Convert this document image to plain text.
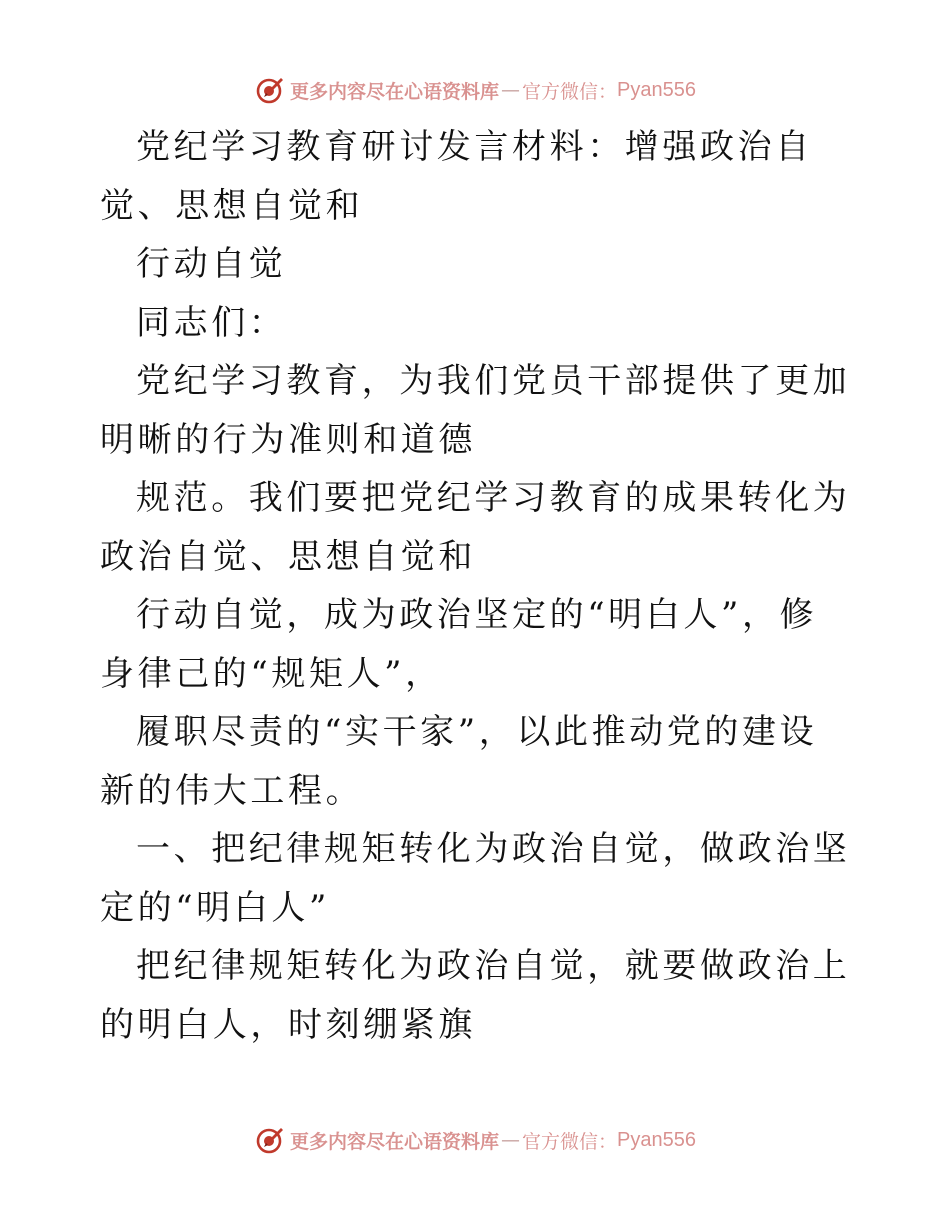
更多内容尽在心语资料库 — 官方微信： Pyan556

党纪学习教育研讨发言材料：增强政治自觉、思想自觉和

行动自觉

同志们：

党纪学习教育，为我们党员干部提供了更加明晰的行为准则和道德

规范。我们要把党纪学习教育的成果转化为政治自觉、思想自觉和

行动自觉，成为政治坚定的“明白人”，修身律己的“规矩人”，

履职尽责的“实干家”，以此推动党的建设新的伟大工程。

一、把纪律规矩转化为政治自觉，做政治坚定的“明白人”

把纪律规矩转化为政治自觉，就要做政治上的明白人，时刻绷紧旗

更多内容尽在心语资料库 — 官方微信： Pyan556
